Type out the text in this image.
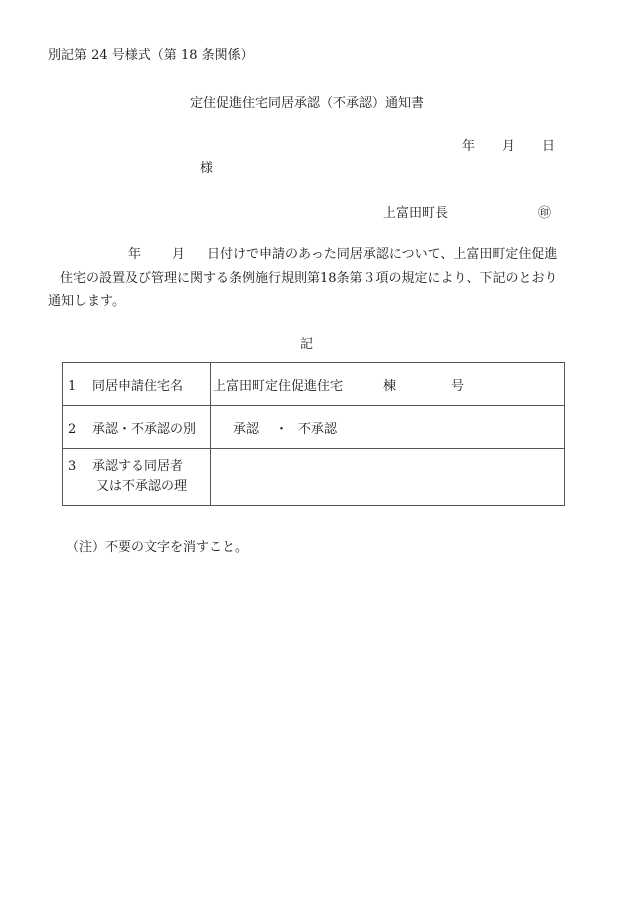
別記第 24 号様式（第 18 条関係）
定住促進住宅同居承認（不承認）通知書
年 月 日
様
上富田町長	㊞
年 月 日付けで申請のあった同居承認について、上富田町定住促進
住宅の設置及び管理に関する条例施行規則第18条第３項の規定により、下記のとおり
通知します。
記
1 同居申請住宅名	上富田町定住促進住宅 棟 号
2 承認・不承認の別	承認 ・ 不承認

3 承認する同居者
又は不承認の理	

（注）不要の文字を消すこと。
